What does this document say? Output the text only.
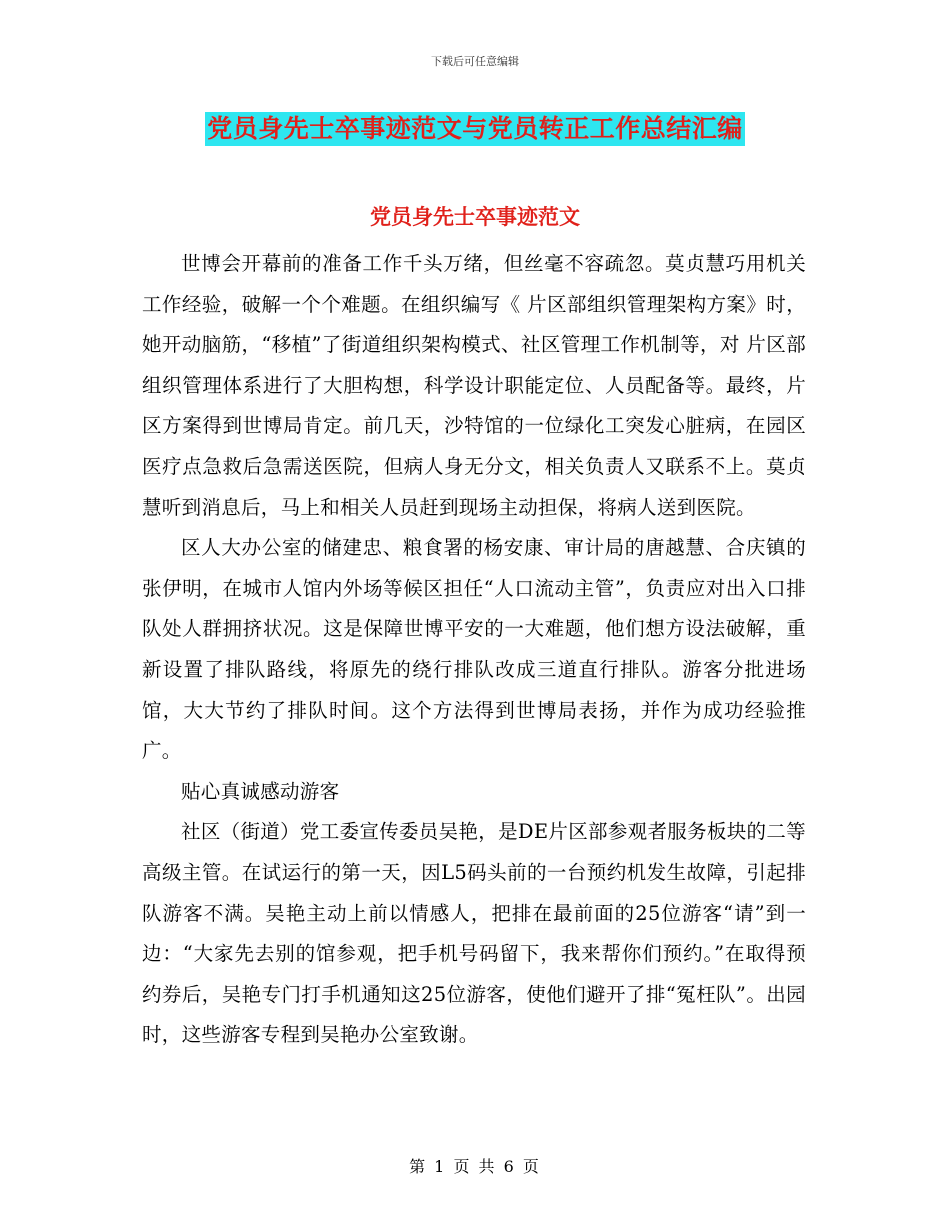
下载后可任意编辑
党员身先士卒事迹范文与党员转正工作总结汇编
党员身先士卒事迹范文

世博会开幕前的准备工作千头万绪，但丝毫不容疏忽。莫贞慧巧用机关工作经验，破解一个个难题。在组织编写《 片区部组织管理架构方案》时，她开动脑筋，“移植”了街道组织架构模式、社区管理工作机制等，对 片区部组织管理体系进行了大胆构想，科学设计职能定位、人员配备等。最终，片区方案得到世博局肯定。前几天，沙特馆的一位绿化工突发心脏病，在园区医疗点急救后急需送医院，但病人身无分文，相关负责人又联系不上。莫贞慧听到消息后，马上和相关人员赶到现场主动担保，将病人送到医院。

区人大办公室的储建忠、粮食署的杨安康、审计局的唐越慧、合庆镇的张伊明，在城市人馆内外场等候区担任“人口流动主管”，负责应对出入口排队处人群拥挤状况。这是保障世博平安的一大难题，他们想方设法破解，重新设置了排队路线，将原先的绕行排队改成三道直行排队。游客分批进场馆，大大节约了排队时间。这个方法得到世博局表扬，并作为成功经验推广。

贴心真诚感动游客

社区（街道）党工委宣传委员吴艳，是DE片区部参观者服务板块的二等高级主管。在试运行的第一天，因L5码头前的一台预约机发生故障，引起排队游客不满。吴艳主动上前以情感人，把排在最前面的25位游客“请”到一边：“大家先去别的馆参观，把手机号码留下，我来帮你们预约。”在取得预约券后，吴艳专门打手机通知这25位游客，使他们避开了排“冤枉队”。出园时，这些游客专程到吴艳办公室致谢。

第 1 页 共 6 页
